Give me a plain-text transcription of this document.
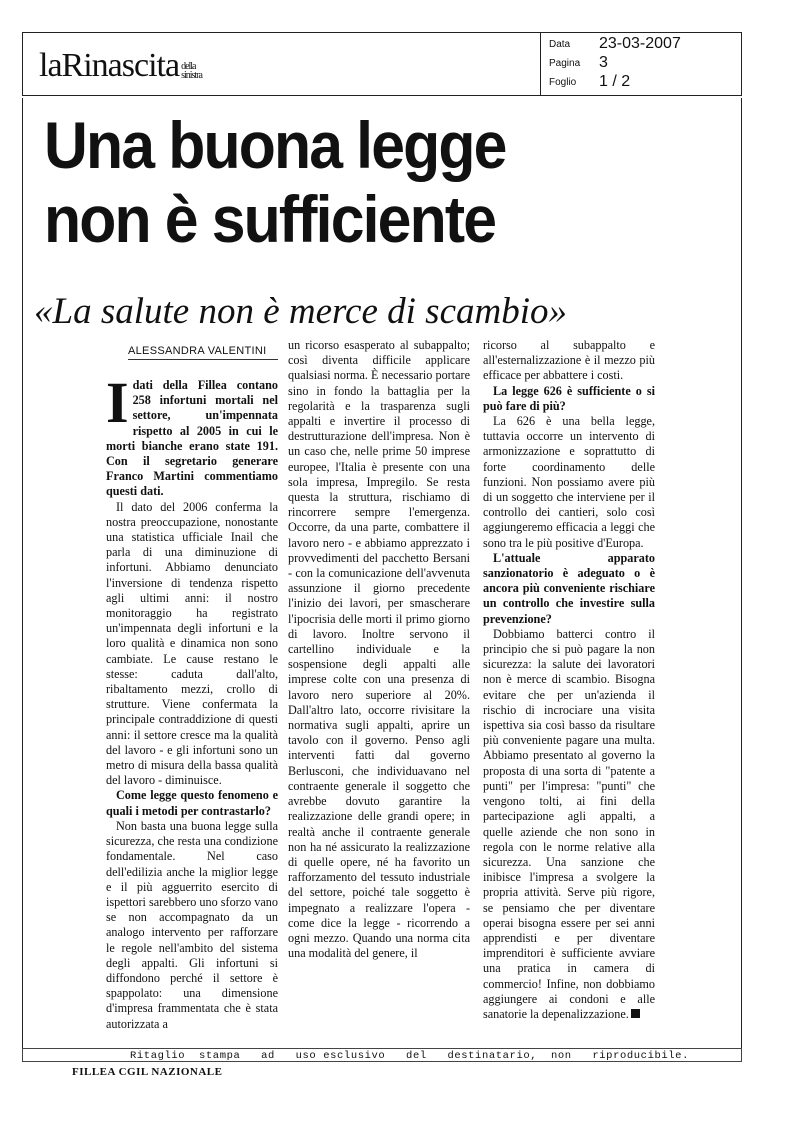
laRinascita della
sinistra
Data 23-03-2007
Pagina 3
Foglio 1 / 2
Una buona legge
non è sufficiente
«La salute non è merce di scambio»
ALESSANDRA VALENTINI

Idati della Fillea contano 258 infortuni mortali nel settore, un'impennata rispetto al 2005 in cui le morti bianche erano state 191. Con il segretario generare Franco Martini commentiamo questi dati.

Il dato del 2006 conferma la nostra preoccupazione, nonostante una statistica ufficiale Inail che parla di una diminuzione di infortuni. Abbiamo denunciato l'inversione di tendenza rispetto agli ultimi anni: il nostro monitoraggio ha registrato un'impennata degli infortuni e la loro qualità e dinamica non sono cambiate. Le cause restano le stesse: caduta dall'alto, ribaltamento mezzi, crollo di strutture. Viene confermata la principale contraddizione di questi anni: il settore cresce ma la qualità del lavoro - e gli infortuni sono un metro di misura della bassa qualità del lavoro - diminuisce.

Come legge questo fenomeno e quali i metodi per contrastarlo?

Non basta una buona legge sulla sicurezza, che resta una condizione fondamentale. Nel caso dell'edilizia anche la miglior legge e il più agguerrito esercito di ispettori sarebbero uno sforzo vano se non accompagnato da un analogo intervento per rafforzare le regole nell'ambito del sistema degli appalti. Gli infortuni si diffondono perché il settore è spappolato: una dimensione d'impresa frammentata che è stata autorizzata a

un ricorso esasperato al subappalto; così diventa difficile applicare qualsiasi norma. È necessario portare sino in fondo la battaglia per la regolarità e la trasparenza sugli appalti e invertire il processo di destrutturazione dell'impresa. Non è un caso che, nelle prime 50 imprese europee, l'Italia è presente con una sola impresa, Impregilo. Se resta questa la struttura, rischiamo di rincorrere sempre l'emergenza. Occorre, da una parte, combattere il lavoro nero - e abbiamo apprezzato i provvedimenti del pacchetto Bersani - con la comunicazione dell'avvenuta assunzione il giorno precedente l'inizio dei lavori, per smascherare l'ipocrisia delle morti il primo giorno di lavoro. Inoltre servono il cartellino individuale e la sospensione degli appalti alle imprese colte con una presenza di lavoro nero superiore al 20%. Dall'altro lato, occorre rivisitare la normativa sugli appalti, aprire un tavolo con il governo. Penso agli interventi fatti dal governo Berlusconi, che individuavano nel contraente generale il soggetto che avrebbe dovuto garantire la realizzazione delle grandi opere; in realtà anche il contraente generale non ha né assicurato la realizzazione di quelle opere, né ha favorito un rafforzamento del tessuto industriale del settore, poiché tale soggetto è impegnato a realizzare l'opera - come dice la legge - ricorrendo a ogni mezzo. Quando una norma cita una modalità del genere, il

ricorso al subappalto e all'esternalizzazione è il mezzo più efficace per abbattere i costi.

La legge 626 è sufficiente o si può fare di più?

La 626 è una bella legge, tuttavia occorre un intervento di armonizzazione e soprattutto di forte coordinamento delle funzioni. Non possiamo avere più di un soggetto che interviene per il controllo dei cantieri, solo così aggiungeremo efficacia a leggi che sono tra le più positive d'Europa.

L'attuale apparato sanzionatorio è adeguato o è ancora più conveniente rischiare un controllo che investire sulla prevenzione?

Dobbiamo batterci contro il principio che si può pagare la non sicurezza: la salute dei lavoratori non è merce di scambio. Bisogna evitare che per un'azienda il rischio di incrociare una visita ispettiva sia così basso da risultare più conveniente pagare una multa. Abbiamo presentato al governo la proposta di una sorta di "patente a punti" per l'impresa: "punti" che vengono tolti, ai fini della partecipazione agli appalti, a quelle aziende che non sono in regola con le norme relative alla sicurezza. Una sanzione che inibisce l'impresa a svolgere la propria attività. Serve più rigore, se pensiamo che per diventare operai bisogna essere per sei anni apprendisti e per diventare imprenditori è sufficiente avviare una pratica in camera di commercio! Infine, non dobbiamo aggiungere ai condoni e alle sanatorie la depenalizzazione.

Ritaglio  stampa   ad   uso esclusivo   del   destinatario,  non   riproducibile.
FILLEA CGIL NAZIONALE
